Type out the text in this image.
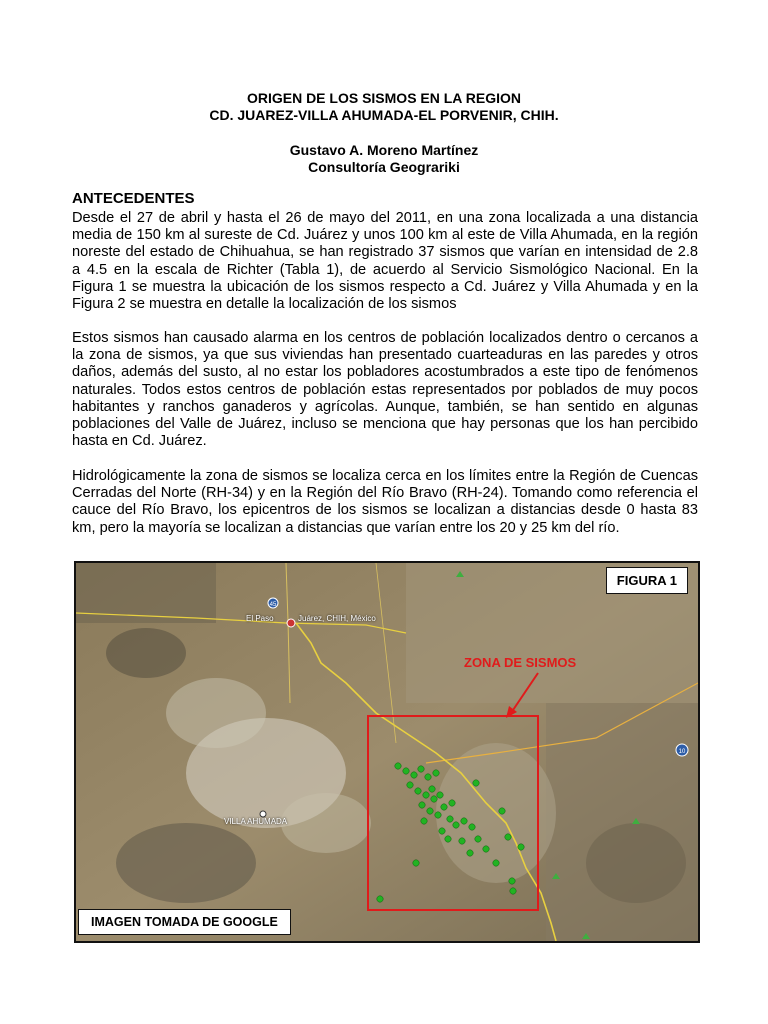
ORIGEN DE LOS SISMOS EN LA REGION

CD. JUAREZ-VILLA AHUMADA-EL PORVENIR, CHIH.

Gustavo A. Moreno Martínez

Consultoría Geograriki

ANTECEDENTES

Desde el 27 de abril y hasta el 26 de mayo del 2011, en una zona localizada a una distancia media de 150 km al sureste de Cd. Juárez y unos 100 km al este de Villa Ahumada, en la región noreste del estado de Chihuahua, se han registrado 37 sismos que varían en intensidad de 2.8 a 4.5 en la escala de Richter (Tabla 1), de acuerdo al Servicio Sismológico Nacional. En la Figura 1 se muestra la ubicación de los sismos respecto a Cd. Juárez y Villa Ahumada y en la Figura 2 se muestra en detalle la localización de los sismos

Estos sismos han causado alarma en los centros de población localizados dentro o cercanos a la zona de sismos, ya que sus viviendas han presentado cuarteaduras en las paredes y otros daños, además del susto, al no estar los pobladores acostumbrados a este tipo de fenómenos naturales. Todos estos centros de población estas representados por poblados de muy pocos habitantes y ranchos ganaderos y agrícolas. Aunque, también, se han sentido en algunas poblaciones del Valle de Juárez, incluso se menciona que hay personas que los han percibido hasta en Cd. Juárez.

Hidrológicamente la zona de sismos se localiza cerca en los límites entre la Región de Cuencas Cerradas del Norte (RH-34) y en la Región del Río Bravo (RH-24). Tomando como referencia el cauce del Río Bravo, los epicentros de los sismos se localizan a distancias desde 0 hasta 83 km, pero la mayoría se localizan a distancias que varían entre los 20 y 25 km del río.

45
10
El Paso	Juárez, CHIH, México
VILLA AHUMADA
FIGURA 1
ZONA DE SISMOS
IMAGEN TOMADA DE GOOGLE
